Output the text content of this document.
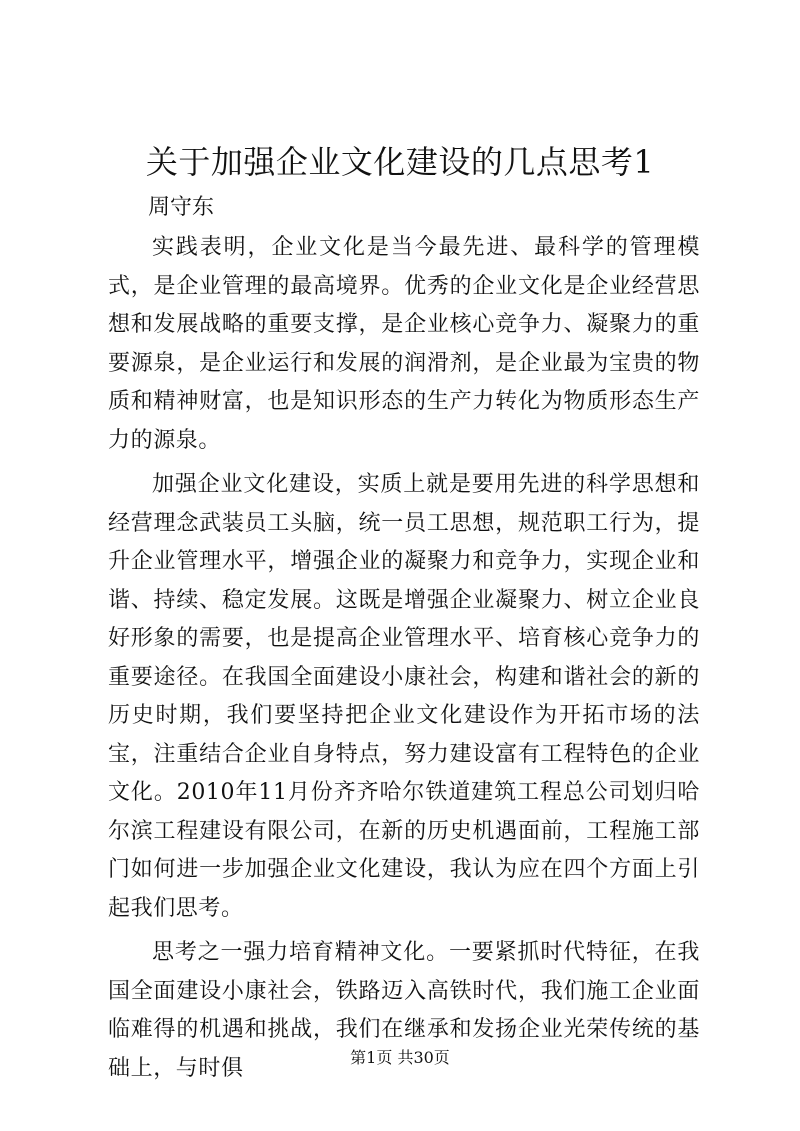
关于加强企业文化建设的几点思考1

周守东

实践表明，企业文化是当今最先进、最科学的管理模式，是企业管理的最高境界。优秀的企业文化是企业经营思想和发展战略的重要支撑，是企业核心竞争力、凝聚力的重要源泉，是企业运行和发展的润滑剂，是企业最为宝贵的物质和精神财富，也是知识形态的生产力转化为物质形态生产力的源泉。

加强企业文化建设，实质上就是要用先进的科学思想和经营理念武装员工头脑，统一员工思想，规范职工行为，提升企业管理水平，增强企业的凝聚力和竞争力，实现企业和谐、持续、稳定发展。这既是增强企业凝聚力、树立企业良好形象的需要，也是提高企业管理水平、培育核心竞争力的重要途径。在我国全面建设小康社会，构建和谐社会的新的历史时期，我们要坚持把企业文化建设作为开拓市场的法宝，注重结合企业自身特点，努力建设富有工程特色的企业文化。2010年11月份齐齐哈尔铁道建筑工程总公司划归哈尔滨工程建设有限公司，在新的历史机遇面前，工程施工部门如何进一步加强企业文化建设，我认为应在四个方面上引起我们思考。

思考之一强力培育精神文化。一要紧抓时代特征，在我国全面建设小康社会，铁路迈入高铁时代，我们施工企业面临难得的机遇和挑战，我们在继承和发扬企业光荣传统的基础上，与时俱	第1页 共30页
